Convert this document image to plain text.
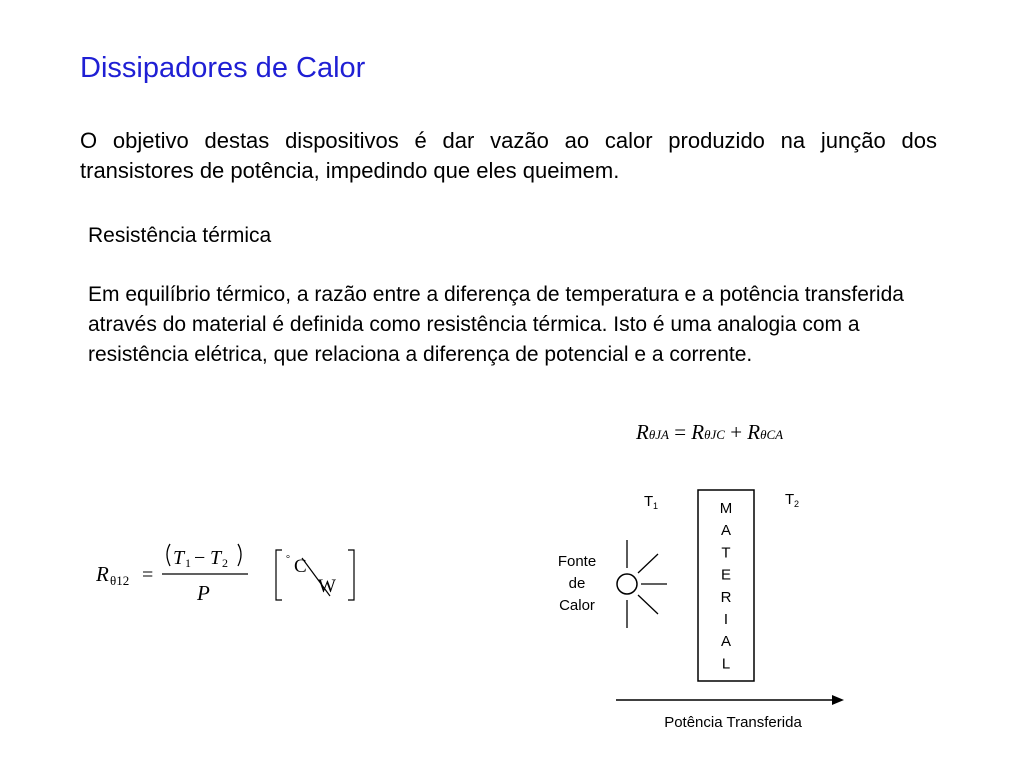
Dissipadores de Calor
O objetivo destas dispositivos é dar vazão ao calor produzido na junção dos transistores de potência, impedindo que eles queimem.
Resistência térmica
Em equilíbrio térmico, a razão entre a diferença de temperatura e a potência transferida através do material é definida como resistência térmica. Isto é uma analogia com a resistência elétrica, que relaciona a diferença de potencial e a corrente.
RθJA = RθJC + RθCA
R θ12 =
T 1 − T 2
P
° C
W
T 1	T 2
M
A
T
E
R
I
A
L
Fonte
de
Calor
Potência Transferida
